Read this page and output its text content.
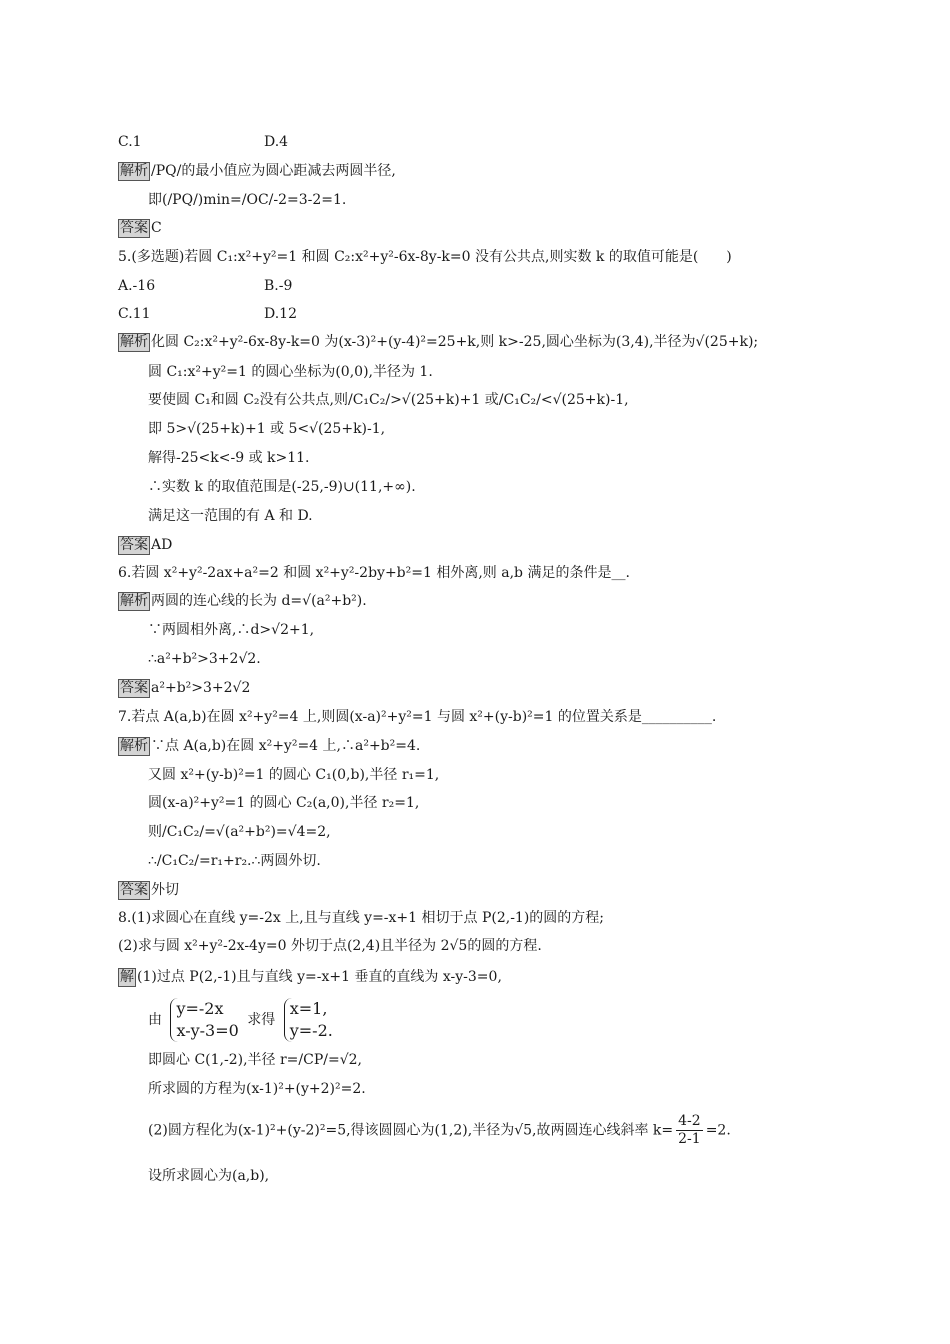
C.1	D.4
解析 /PQ/的最小值应为圆心距减去两圆半径,
即(/PQ/)min=/OC/-2=3-2=1.
答案 C
5.(多选题)若圆 C₁:x²+y²=1 和圆 C₂:x²+y²-6x-8y-k=0 没有公共点,则实数 k 的取值可能是(　　)
A.-16	B.-9
C.11	D.12
解析 化圆 C₂:x²+y²-6x-8y-k=0 为(x-3)²+(y-4)²=25+k,则 k>-25,圆心坐标为(3,4),半径为√(25+k);
圆 C₁:x²+y²=1 的圆心坐标为(0,0),半径为 1.
要使圆 C₁和圆 C₂没有公共点,则/C₁C₂/>√(25+k)+1 或/C₁C₂/<√(25+k)-1,
即 5>√(25+k)+1 或 5<√(25+k)-1,
解得-25<k<-9 或 k>11.
∴实数 k 的取值范围是(-25,-9)∪(11,+∞).
满足这一范围的有 A 和 D.
答案 AD
6.若圆 x²+y²-2ax+a²=2 和圆 x²+y²-2by+b²=1 相外离,则 a,b 满足的条件是__.
解析 两圆的连心线的长为 d=√(a²+b²).
∵两圆相外离,∴d>√2+1,
∴a²+b²>3+2√2.
答案 a²+b²>3+2√2
7.若点 A(a,b)在圆 x²+y²=4 上,则圆(x-a)²+y²=1 与圆 x²+(y-b)²=1 的位置关系是__________.
解析 ∵点 A(a,b)在圆 x²+y²=4 上,∴a²+b²=4.
又圆 x²+(y-b)²=1 的圆心 C₁(0,b),半径 r₁=1,
圆(x-a)²+y²=1 的圆心 C₂(a,0),半径 r₂=1,
则/C₁C₂/=√(a²+b²)=√4=2,
∴/C₁C₂/=r₁+r₂.∴两圆外切.
答案 外切
8.(1)求圆心在直线 y=-2x 上,且与直线 y=-x+1 相切于点 P(2,-1)的圆的方程;
(2)求与圆 x²+y²-2x-4y=0 外切于点(2,4)且半径为 2√5的圆的方程.
解 (1)过点 P(2,-1)且与直线 y=-x+1 垂直的直线为 x-y-3=0,
由
y=-2x
x-y-3=0
求得
x=1,
y=-2.
即圆心 C(1,-2),半径 r=/CP/=√2,
所求圆的方程为(x-1)²+(y+2)²=2.
(2)圆方程化为(x-1)²+(y-2)²=5,得该圆圆心为(1,2),半径为√5,故两圆连心线斜率 $k= \frac{4-2}{2-1} =2$.
设所求圆心为(a,b),
